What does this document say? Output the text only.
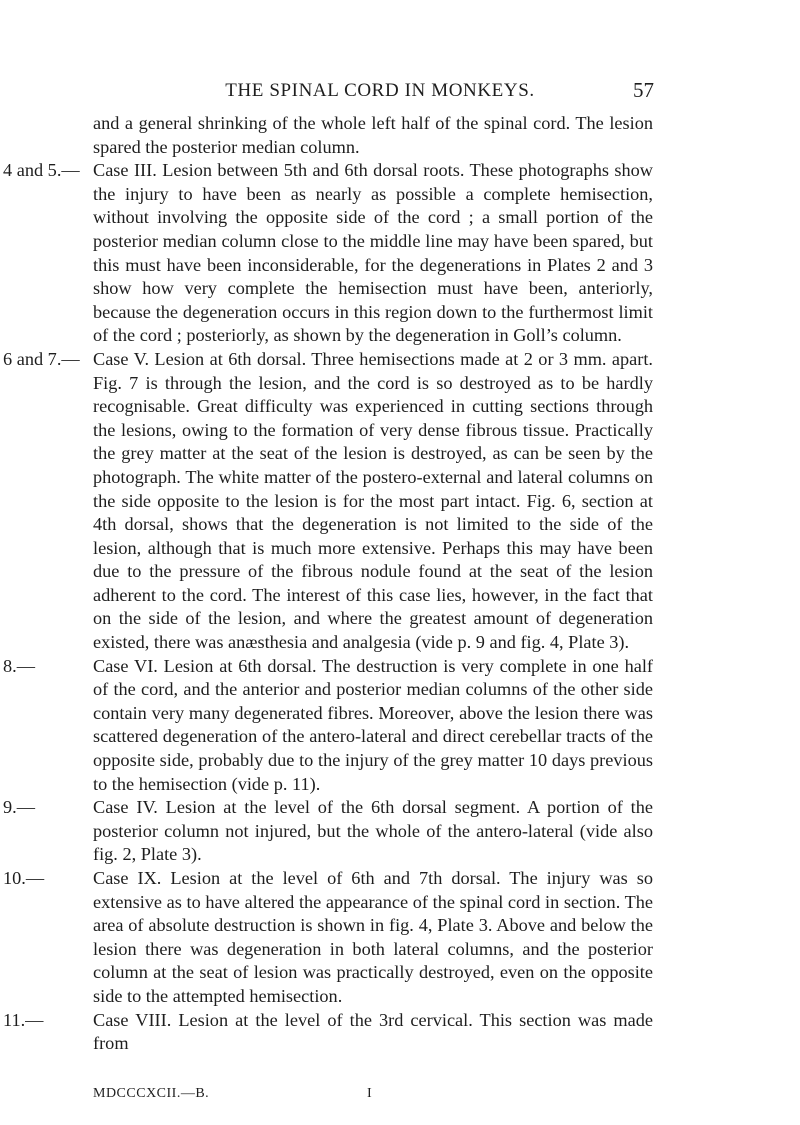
THE SPINAL CORD IN MONKEYS.	57

and a general shrinking of the whole left half of the spinal cord. The lesion spared the posterior median column.

4 and 5.— Case III. Lesion between 5th and 6th dorsal roots. These photographs show the injury to have been as nearly as possible a complete hemisection, without involving the opposite side of the cord ; a small portion of the posterior median column close to the middle line may have been spared, but this must have been inconsiderable, for the degenerations in Plates 2 and 3 show how very complete the hemisection must have been, anteriorly, because the degeneration occurs in this region down to the furthermost limit of the cord ; posteriorly, as shown by the degeneration in Goll’s column.

6 and 7.— Case V. Lesion at 6th dorsal. Three hemisections made at 2 or 3 mm. apart. Fig. 7 is through the lesion, and the cord is so destroyed as to be hardly recognisable. Great difficulty was experienced in cutting sections through the lesions, owing to the formation of very dense fibrous tissue. Practically the grey matter at the seat of the lesion is destroyed, as can be seen by the photograph. The white matter of the postero-external and lateral columns on the side opposite to the lesion is for the most part intact. Fig. 6, section at 4th dorsal, shows that the degeneration is not limited to the side of the lesion, although that is much more extensive. Perhaps this may have been due to the pressure of the fibrous nodule found at the seat of the lesion adherent to the cord. The interest of this case lies, however, in the fact that on the side of the lesion, and where the greatest amount of degeneration existed, there was anæsthesia and analgesia (vide p. 9 and fig. 4, Plate 3).

8.—	Case VI. Lesion at 6th dorsal. The destruction is very complete in one half of the cord, and the anterior and posterior median columns of the other side contain very many degenerated fibres. Moreover, above the lesion there was scattered degeneration of the antero-lateral and direct cerebellar tracts of the opposite side, probably due to the injury of the grey matter 10 days previous to the hemisection (vide p. 11).

9.—	Case IV. Lesion at the level of the 6th dorsal segment. A portion of the posterior column not injured, but the whole of the antero-lateral (vide also fig. 2, Plate 3).

10.—	Case IX. Lesion at the level of 6th and 7th dorsal. The injury was so extensive as to have altered the appearance of the spinal cord in section. The area of absolute destruction is shown in fig. 4, Plate 3. Above and below the lesion there was degeneration in both lateral columns, and the posterior column at the seat of lesion was practically destroyed, even on the opposite side to the attempted hemisection.

11.—	Case VIII. Lesion at the level of the 3rd cervical. This section was made from

MDCCCXCII.—B.	I
